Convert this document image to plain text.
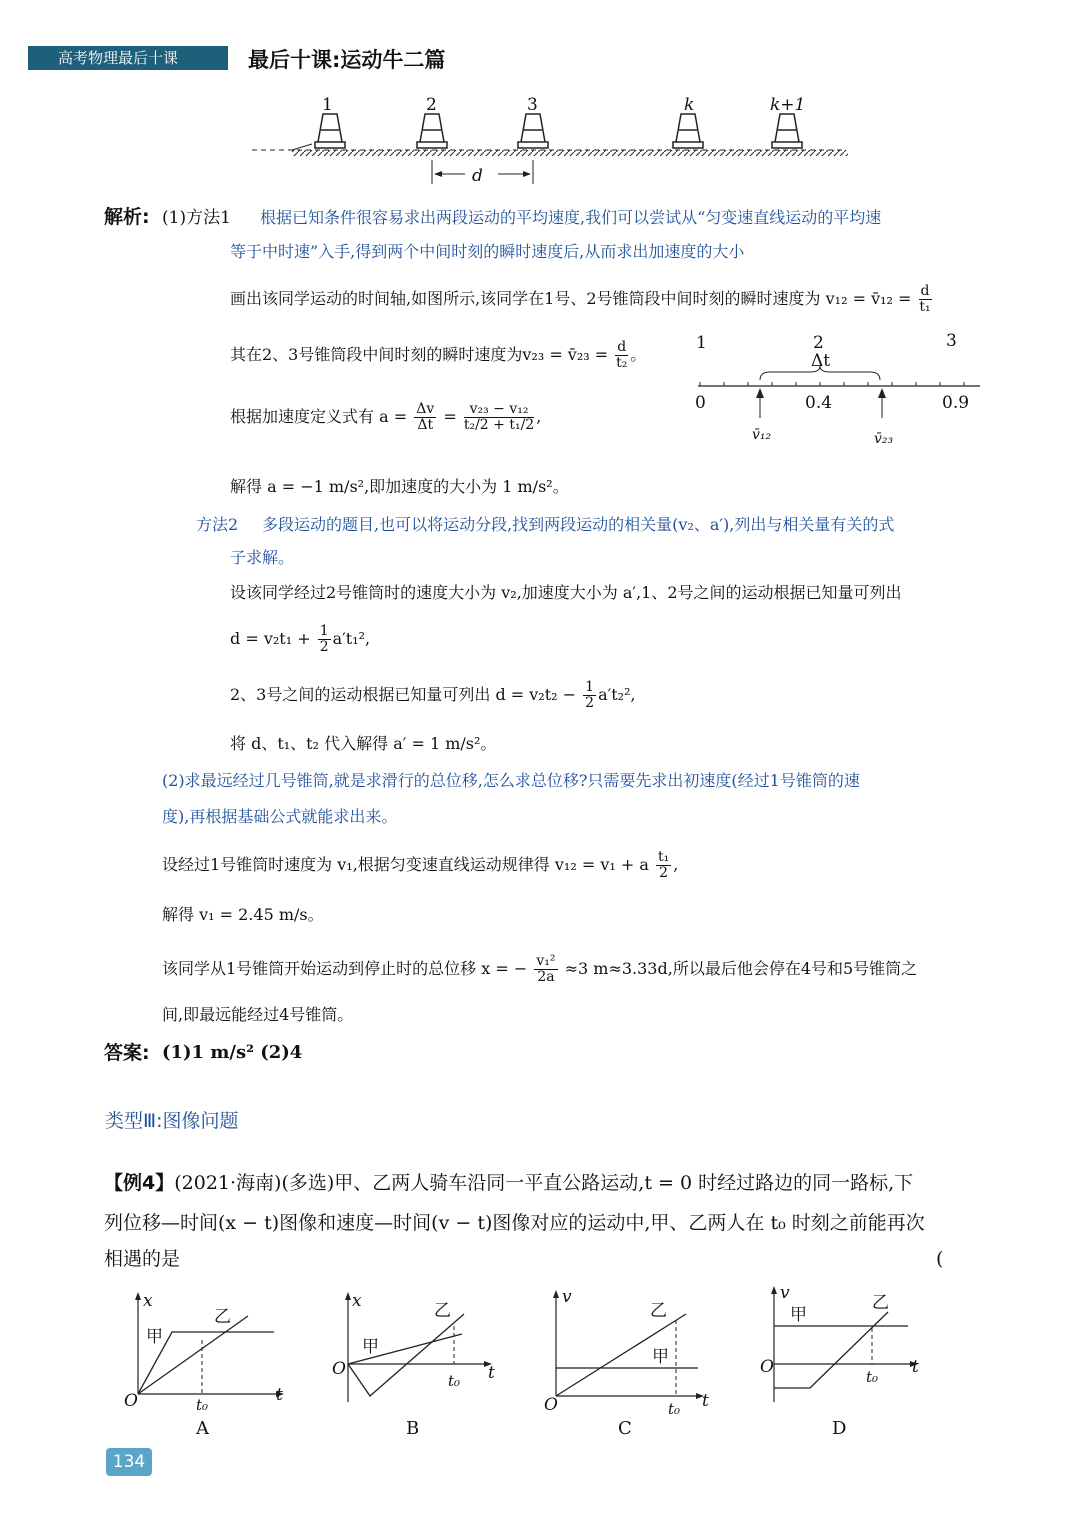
高考物理最后十课	最后十课:运动牛二篇
1	2	3	k	k+1
d
解析: (1)方法1 根据已知条件很容易求出两段运动的平均速度,我们可以尝试从“匀变速直线运动的平均速
等于中时速”入手,得到两个中间时刻的瞬时速度后,从而求出加速度的大小
画出该同学运动的时间轴,如图所示,该同学在1号、2号锥筒段中间时刻的瞬时速度为 v₁₂ = v̄₁₂ = $\frac{d}{\text{t₁}}$
其在2、3号锥筒段中间时刻的瞬时速度为v₂₃ = v̄₂₃ = $\frac{d}{\text{t₂}}$ 。
根据加速度定义式有 $a = \frac{\Delta v}{\Delta t} = \frac{\text{v₂₃ − v₁₂}}{\text{t₂/2 + t₁/2}}$ ,
解得 a = −1 m/s²,即加速度的大小为 1 m/s²。
1	2	3
Δt
0	0.4	0.9
v̄₁₂	v̄₂₃
方法2 多段运动的题目,也可以将运动分段,找到两段运动的相关量(v₂、a′),列出与相关量有关的式
子求解。
设该同学经过2号锥筒时的速度大小为 v₂,加速度大小为 a′,1、2号之间的运动根据已知量可列出
$d = v_2t_1 + \frac{1}{2} a't_1^2$,
2、3号之间的运动根据已知量可列出 $d = v_2t_2 - \frac{1}{2} a't_2^2$,
将 d、t₁、t₂ 代入解得 a′ = 1 m/s²。
(2)求最远经过几号锥筒,就是求滑行的总位移,怎么求总位移?只需要先求出初速度(经过1号锥筒的速
度),再根据基础公式就能求出来。
设经过1号锥筒时速度为 v₁,根据匀变速直线运动规律得 v₁₂ = v₁ + a $\frac{\text{t₁}}{2}$ ,
解得 v₁ = 2.45 m/s。
该同学从1号锥筒开始运动到停止时的总位移 x = − $\frac{\text{v₁²}}{2a} \approx 3$ m≈3.33d,所以最后他会停在4号和5号锥筒之
间,即最远能经过4号锥筒。
答案: (1)1 m/s² (2)4
类型Ⅲ:图像问题
【例4】(2021·海南)(多选)甲、乙两人骑车沿同一平直公路运动,t = 0 时经过路边的同一路标,下
列位移—时间(x − t)图像和速度—时间(v − t)图像对应的运动中,甲、乙两人在 t₀ 时刻之前能再次
相遇的是	(
x
t
O	t₀
甲
乙
A
x
t
O
t₀
甲
乙
B
v
t
O	t₀
甲
乙
C
v
t
O	t₀
甲
乙
D
134
